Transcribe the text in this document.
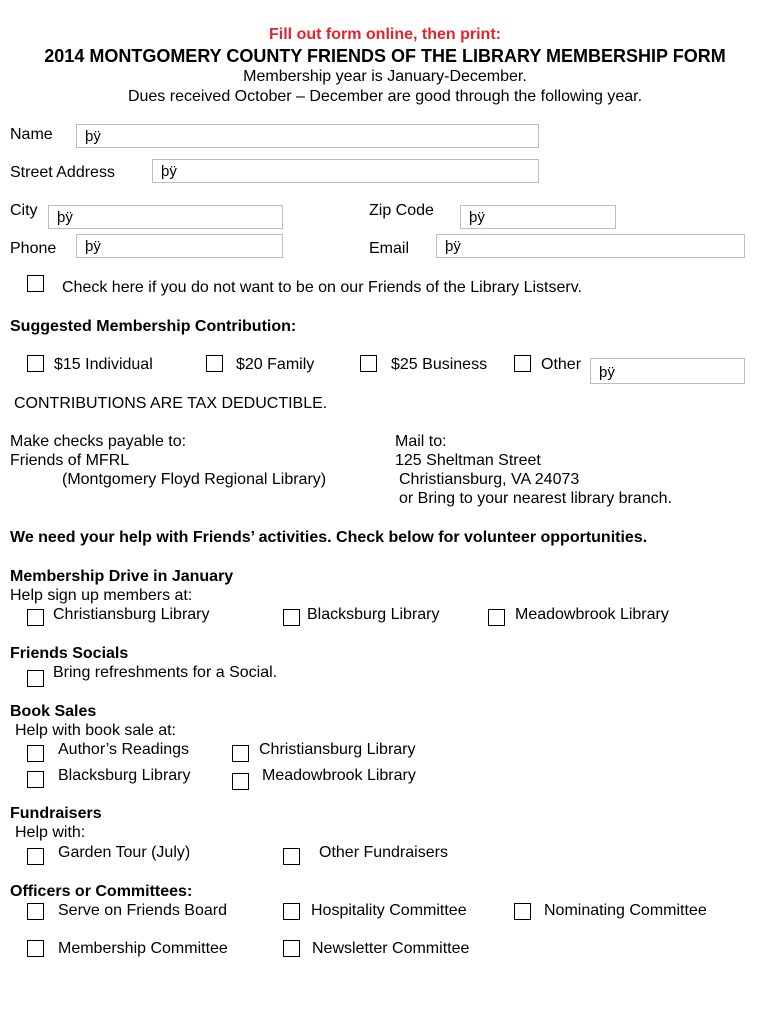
Fill out form online, then print:
2014 MONTGOMERY COUNTY FRIENDS OF THE LIBRARY MEMBERSHIP FORM
Membership year is January-December.
Dues received October – December are good through the following year.
Name	þÿ
Street Address	þÿ
City	þÿ	Zip Code	þÿ
Phone	þÿ	Email	þÿ
Check here if you do not want to be on our Friends of the Library Listserv.
Suggested Membership Contribution:
$15 Individual	$20 Family	$25 Business	Other	þÿ
CONTRIBUTIONS ARE TAX DEDUCTIBLE.
Make checks payable to:
Friends of MFRL
(Montgomery Floyd Regional Library)
Mail to:
125 Sheltman Street
Christiansburg, VA 24073
or Bring to your nearest library branch.
We need your help with Friends’ activities. Check below for volunteer opportunities.
Membership Drive in January
Help sign up members at:
Christiansburg Library	Blacksburg Library	Meadowbrook Library
Friends Socials
Bring refreshments for a Social.
Book Sales
Help with book sale at:
Author’s Readings	Christiansburg Library
Blacksburg Library	Meadowbrook Library
Fundraisers
Help with:
Garden Tour (July)	Other Fundraisers
Officers or Committees:
Serve on Friends Board	Hospitality Committee	Nominating Committee
Membership Committee	Newsletter Committee
